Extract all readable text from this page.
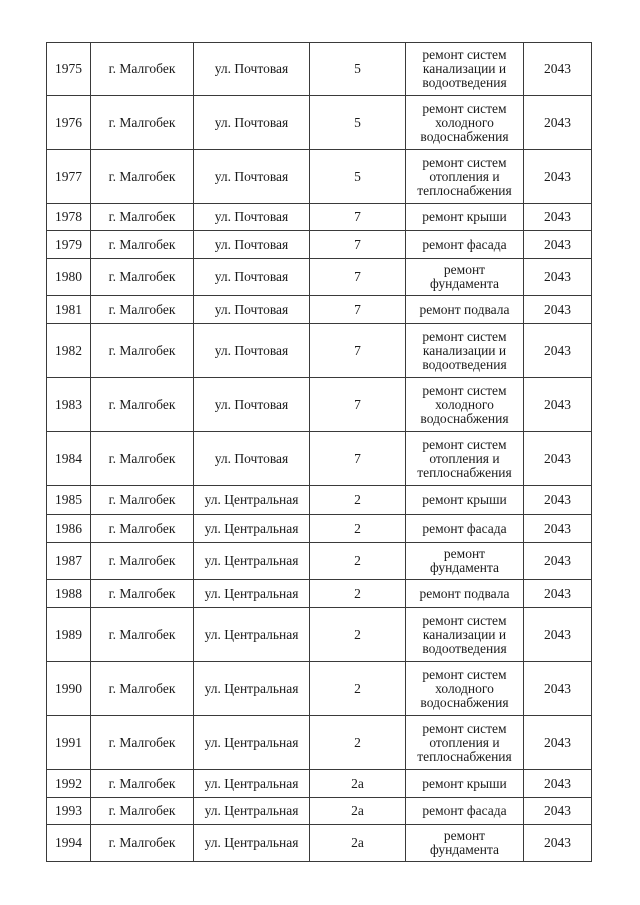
1975	г. Малгобек	ул. Почтовая	5	ремонт систем канализации и водоотведения	2043
1976	г. Малгобек	ул. Почтовая	5	ремонт систем холодного водоснабжения	2043
1977	г. Малгобек	ул. Почтовая	5	ремонт систем отопления и теплоснабжения	2043
1978	г. Малгобек	ул. Почтовая	7	ремонт крыши	2043
1979	г. Малгобек	ул. Почтовая	7	ремонт фасада	2043
1980	г. Малгобек	ул. Почтовая	7	ремонт фундамента	2043
1981	г. Малгобек	ул. Почтовая	7	ремонт подвала	2043
1982	г. Малгобек	ул. Почтовая	7	ремонт систем канализации и водоотведения	2043
1983	г. Малгобек	ул. Почтовая	7	ремонт систем холодного водоснабжения	2043
1984	г. Малгобек	ул. Почтовая	7	ремонт систем отопления и теплоснабжения	2043
1985	г. Малгобек	ул. Центральная	2	ремонт крыши	2043
1986	г. Малгобек	ул. Центральная	2	ремонт фасада	2043
1987	г. Малгобек	ул. Центральная	2	ремонт фундамента	2043
1988	г. Малгобек	ул. Центральная	2	ремонт подвала	2043
1989	г. Малгобек	ул. Центральная	2	ремонт систем канализации и водоотведения	2043
1990	г. Малгобек	ул. Центральная	2	ремонт систем холодного водоснабжения	2043
1991	г. Малгобек	ул. Центральная	2	ремонт систем отопления и теплоснабжения	2043
1992	г. Малгобек	ул. Центральная	2а	ремонт крыши	2043
1993	г. Малгобек	ул. Центральная	2а	ремонт фасада	2043
1994	г. Малгобек	ул. Центральная	2а	ремонт фундамента	2043
